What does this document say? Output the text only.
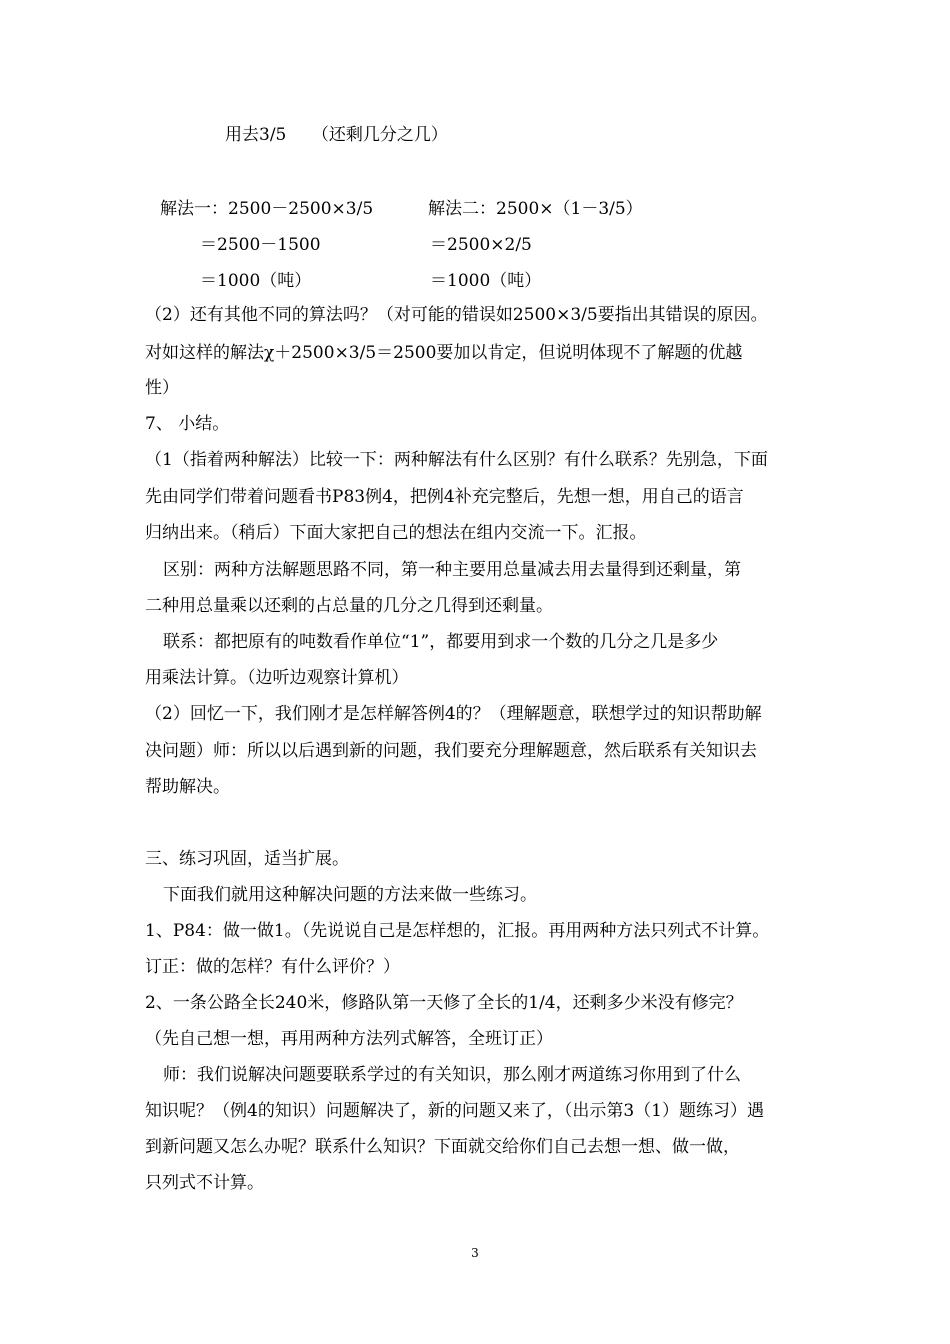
用去3/5　　（还剩几分之几）
解法一：2500－2500×3/5	解法二：2500×（1－3/5）
＝2500－1500	＝2500×2/5
＝1000（吨）	＝1000（吨）
（2）还有其他不同的算法吗？（对可能的错误如2500×3/5要指出其错误的原因。
对如这样的解法χ＋2500×3/5＝2500要加以肯定，但说明体现不了解题的优越
性）
7、 小结。
（1（指着两种解法）比较一下：两种解法有什么区别？有什么联系？先别急，下面
先由同学们带着问题看书P83例4，把例4补充完整后，先想一想，用自己的语言
归纳出来。（稍后）下面大家把自己的想法在组内交流一下。汇报。
区别：两种方法解题思路不同，第一种主要用总量减去用去量得到还剩量，第
二种用总量乘以还剩的占总量的几分之几得到还剩量。
联系：都把原有的吨数看作单位“1”，都要用到求一个数的几分之几是多少
用乘法计算。（边听边观察计算机）
（2）回忆一下，我们刚才是怎样解答例4的？（理解题意，联想学过的知识帮助解
决问题）师：所以以后遇到新的问题，我们要充分理解题意，然后联系有关知识去
帮助解决。
三、练习巩固，适当扩展。
下面我们就用这种解决问题的方法来做一些练习。
1、P84：做一做1。（先说说自己是怎样想的，汇报。再用两种方法只列式不计算。
订正：做的怎样？有什么评价？）
2、一条公路全长240米，修路队第一天修了全长的1/4，还剩多少米没有修完？
（先自己想一想，再用两种方法列式解答，全班订正）
师：我们说解决问题要联系学过的有关知识，那么刚才两道练习你用到了什么
知识呢？（例4的知识）问题解决了，新的问题又来了，（出示第3（1）题练习）遇
到新问题又怎么办呢？联系什么知识？下面就交给你们自己去想一想、做一做，
只列式不计算。
3
